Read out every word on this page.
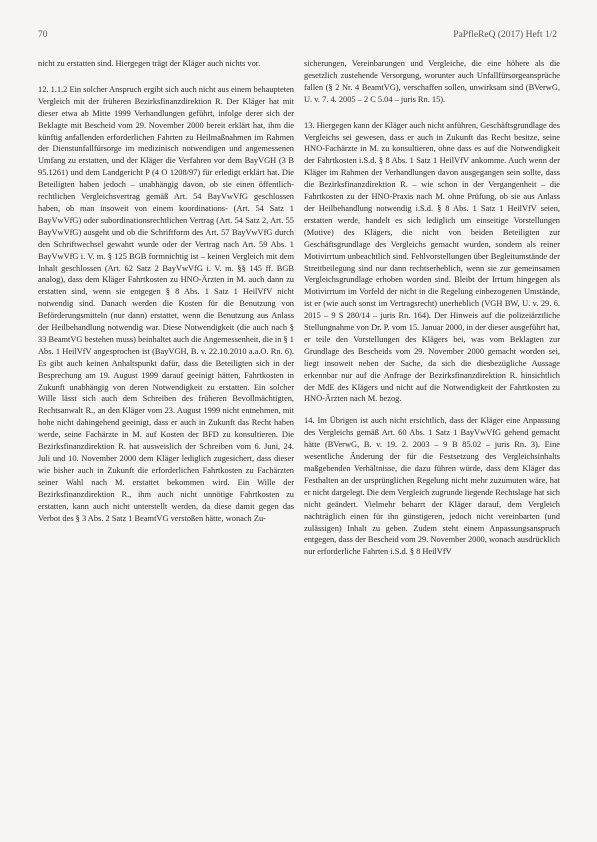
70	PaPfleReQ (2017) Heft 1/2

nicht zu erstatten sind. Hiergegen trägt der Kläger auch nichts vor.

12. 1.1.2 Ein solcher Anspruch ergibt sich auch nicht aus einem behaupteten Vergleich mit der früheren Bezirksfinanzdirektion R. Der Kläger hat mit dieser etwa ab Mitte 1999 Verhandlungen geführt, infolge derer sich der Beklagte mit Bescheid vom 29. November 2000 bereit erklärt hat, ihm die künftig anfallenden erforderlichen Fahrten zu Heilmaßnahmen im Rahmen der Dienstunfallfürsorge im medizinisch notwendigen und angemessenen Umfang zu erstatten, und der Kläger die Verfahren vor dem BayVGH (3 B 95.1261) und dem Landgericht P (4 O 1208/97) für erledigt erklärt hat. Die Beteiligten haben jedoch – unabhängig davon, ob sie einen öffentlich-rechtlichen Vergleichsvertrag gemäß Art. 54 BayVwVfG geschlossen haben, ob man insoweit von einem koordinations- (Art. 54 Satz 1 BayVwVfG) oder subordinationsrechtlichen Vertrag (Art. 54 Satz 2, Art. 55 BayVwVfG) ausgeht und ob die Schriftform des Art. 57 BayVwVfG durch den Schriftwechsel gewahrt wurde oder der Vertrag nach Art. 59 Abs. 1 BayVwVfG i. V. m. § 125 BGB formnichtig ist – keinen Vergleich mit dem Inhalt geschlossen (Art. 62 Satz 2 BayVwVfG i. V. m. §§ 145 ff. BGB analog), dass dem Kläger Fahrtkosten zu HNO-Ärzten in M. auch dann zu erstatten sind, wenn sie entgegen § 8 Abs. 1 Satz 1 HeilVfV nicht notwendig sind. Danach werden die Kosten für die Benutzung von Beförderungsmitteln (nur dann) erstattet, wenn die Benutzung aus Anlass der Heilbehandlung notwendig war. Diese Notwendigkeit (die auch nach § 33 BeamtVG bestehen muss) beinhaltet auch die Angemessenheit, die in § 1 Abs. 1 HeilVfV angesprochen ist (BayVGH, B. v. 22.10.2010 a.a.O. Rn. 6). Es gibt auch keinen Anhaltspunkt dafür, dass die Beteiligten sich in der Besprechung am 19. August 1999 darauf geeinigt hätten, Fahrtkosten in Zukunft unabhängig von deren Notwendigkeit zu erstatten. Ein solcher Wille lässt sich auch dem Schreiben des früheren Bevollmächtigten, Rechtsanwalt R., an den Kläger vom 23. August 1999 nicht entnehmen, mit hohe nicht dahingehend geeinigt, dass er auch in Zukunft das Recht haben werde, seine Fachärzte in M. auf Kosten der BFD zu konsultieren. Die Bezirksfinanzdirektion R. hat ausweislich der Schreiben vom 6. Juni, 24. Juli und 10. November 2000 dem Kläger lediglich zugesichert, dass dieser wie bisher auch in Zukunft die erforderlichen Fahrtkosten zu Fachärzten seiner Wahl nach M. erstattet bekommen wird. Ein Wille der Bezirksfinanzdirektion R., ihm auch nicht unnötige Fahrtkosten zu erstatten, kann auch nicht unterstellt werden, da diese damit gegen das Verbot des § 3 Abs. 2 Satz 1 BeamtVG verstoßen hätte, wonach Zu-

sicherungen, Vereinbarungen und Vergleiche, die eine höhere als die gesetzlich zustehende Versorgung, worunter auch Unfallfürsorgeansprüche fallen (§ 2 Nr. 4 BeamtVG), verschaffen sollen, unwirksam sind (BVerwG, U. v. 7. 4. 2005 – 2 C 5.04 – juris Rn. 15).

13. Hiergegen kann der Kläger auch nicht anführen, Geschäftsgrundlage des Vergleichs sei gewesen, dass er auch in Zukunft das Recht besitze, seine HNO-Fachärzte in M. zu konsultieren, ohne dass es auf die Notwendigkeit der Fahrtkosten i.S.d. § 8 Abs. 1 Satz 1 HeilVfV ankomme. Auch wenn der Kläger im Rahmen der Verhandlungen davon ausgegangen sein sollte, dass die Bezirksfinanzdirektion R. – wie schon in der Vergangenheit – die Fahrtkosten zu der HNO-Praxis nach M. ohne Prüfung, ob sie aus Anlass der Heilbehandlung notwendig i.S.d. § 8 Abs. 1 Satz 1 HeilVfV seien, erstatten werde, handelt es sich lediglich um einseitige Vorstellungen (Motive) des Klägers, die nicht von beiden Beteiligten zur Geschäftsgrundlage des Vergleichs gemacht wurden, sondern als reiner Motivirrtum unbeachtlich sind. Fehlvorstellungen über Begleitumstände der Streitbeilegung sind nur dann rechtserheblich, wenn sie zur gemeinsamen Vergleichsgrundlage erhoben worden sind. Bleibt der Irrtum hingegen als Motivirrtum im Vorfeld der nicht in die Regelung einbezogenen Umstände, ist er (wie auch sonst im Vertragsrecht) unerheblich (VGH BW, U. v. 29. 6. 2015 – 9 S 280/14 – juris Rn. 164). Der Hinweis auf die polizeiärztliche Stellungnahme von Dr. P. vom 15. Januar 2000, in der dieser ausgeführt hat, er teile den Vorstellungen des Klägers bei, was vom Beklagten zur Grundlage des Bescheids vom 29. November 2000 gemacht worden sei, liegt insoweit neben der Sache, da sich die diesbezügliche Aussage erkennbar nur auf die Anfrage der Bezirksfinanzdirektion R. hinsichtlich der MdE des Klägers und nicht auf die Notwendigkeit der Fahrtkosten zu HNO-Ärzten nach M. bezog.

14. Im Übrigen ist auch nicht ersichtlich, dass der Kläger eine Anpassung des Vergleichs gemäß Art. 60 Abs. 1 Satz 1 BayVwVfG gehend gemacht hätte (BVerwG, B. v. 19. 2. 2003 – 9 B 85.02 – juris Rn. 3). Eine wesentliche Änderung der für die Festsetzung des Vergleichsinhalts maßgebenden Verhältnisse, die dazu führen würde, dass dem Kläger das Festhalten an der ursprünglichen Regelung nicht mehr zuzumuten wäre, hat er nicht dargelegt. Die dem Vergleich zugrunde liegende Rechtslage hat sich nicht geändert. Vielmehr beharrt der Kläger darauf, dem Vergleich nachträglich einen für ihn günstigeren, jedoch nicht vereinbarten (und zulässigen) Inhalt zu geben. Zudem steht einem Anpassungsanspruch entgegen, dass der Bescheid vom 29. November 2000, wonach ausdrücklich nur erforderliche Fahrten i.S.d. § 8 HeilVfV
